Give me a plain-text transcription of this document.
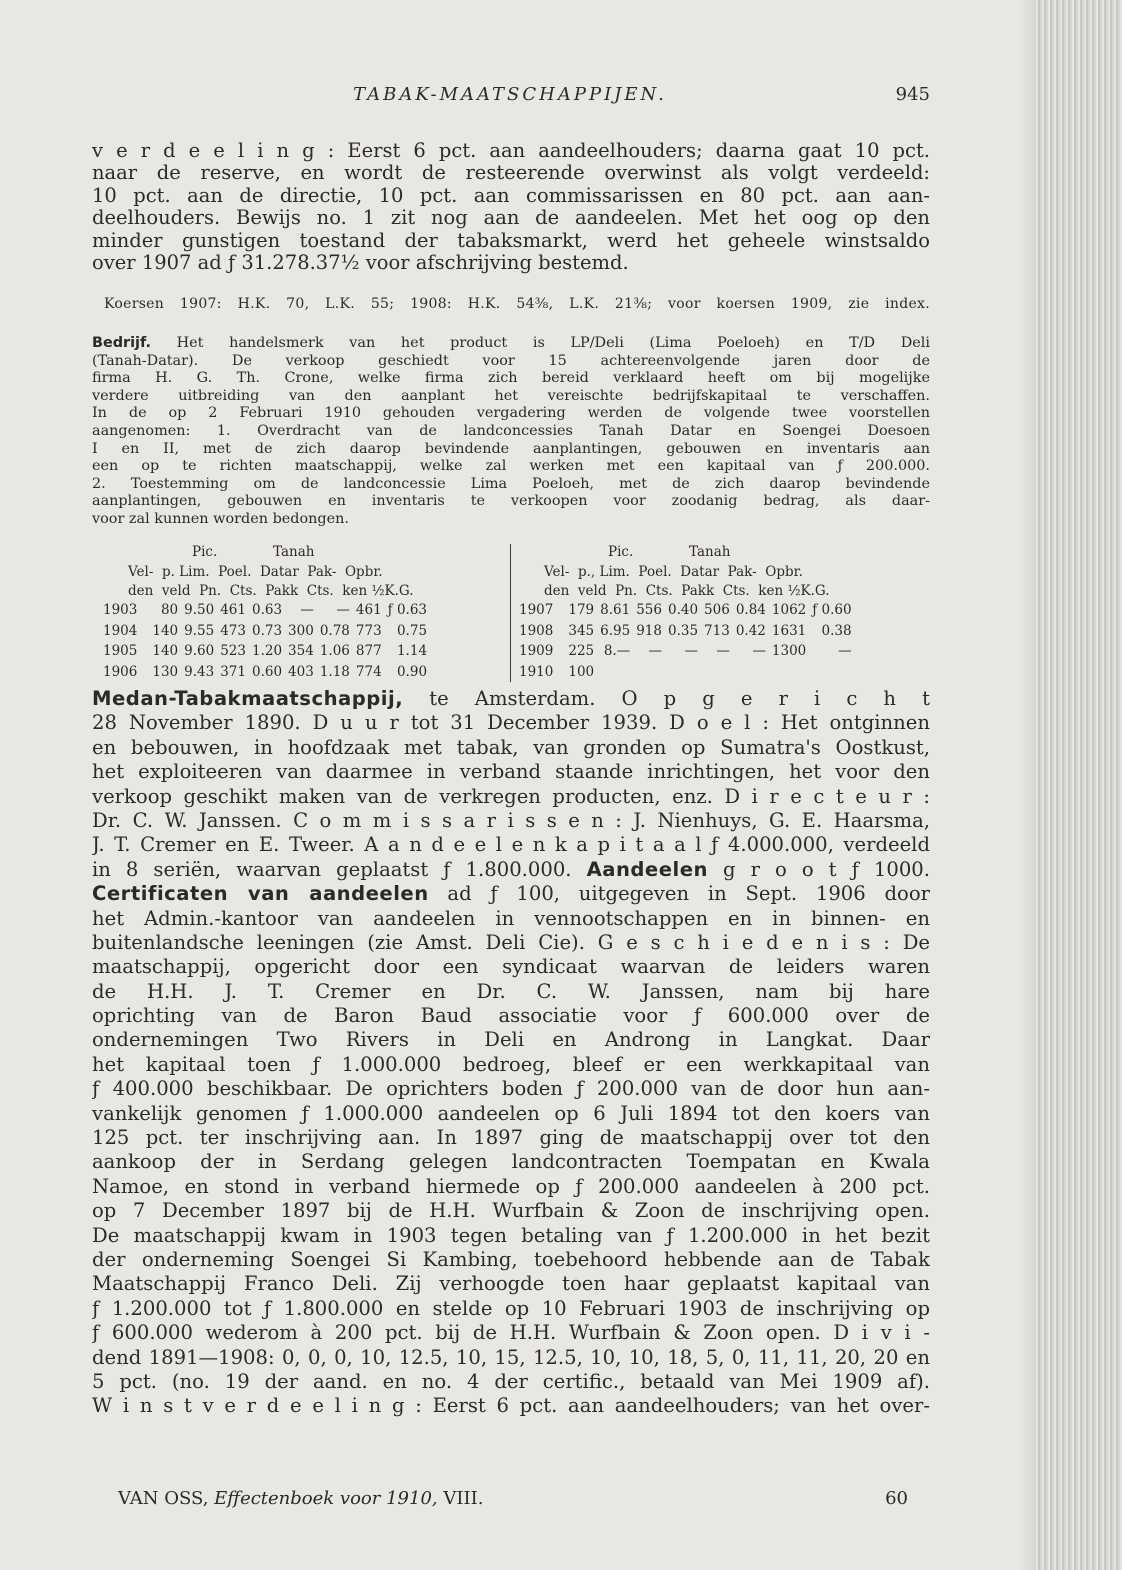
TABAK-MAATSCHAPPIJEN.	945
v e r d e e l i n g : Eerst 6 pct. aan aandeelhouders; daarna gaat 10 pct.
naar de reserve, en wordt de resteerende overwinst als volgt verdeeld:
10 pct. aan de directie, 10 pct. aan commissarissen en 80 pct. aan aan-
deelhouders. Bewijs no. 1 zit nog aan de aandeelen. Met het oog op den
minder gunstigen toestand der tabaksmarkt, werd het geheele winstsaldo
over 1907 ad ƒ 31.278.37½ voor afschrijving bestemd.
Koersen 1907: H.K. 70, L.K. 55; 1908: H.K. 54⅜, L.K. 21⅜; voor koersen 1909, zie index.
Bedrijf. Het handelsmerk van het product is LP/Deli (Lima Poeloeh) en T/D Deli
(Tanah-Datar). De verkoop geschiedt voor 15 achtereenvolgende jaren door de
firma H. G. Th. Crone, welke firma zich bereid verklaard heeft om bij mogelijke
verdere uitbreiding van den aanplant het vereischte bedrijfskapitaal te verschaffen.
In de op 2 Februari 1910 gehouden vergadering werden de volgende twee voorstellen
aangenomen: 1. Overdracht van de landconcessies Tanah Datar en Soengei Doesoen
I en II, met de zich daarop bevindende aanplantingen, gebouwen en inventaris aan
een op te richten maatschappij, welke zal werken met een kapitaal van ƒ 200.000.
2. Toestemming om de landconcessie Lima Poeloeh, met de zich daarop bevindende
aanplantingen, gebouwen en inventaris te verkoopen voor zoodanig bedrag, als daar-
voor zal kunnen worden bedongen.
Pic.             Tanah
Vel-  p. Lim.  Poel.  Datar  Pak-  Opbr.
den  veld  Pn.  Cts.  Pakk  Cts.  ken ½K.G.
1903	80	9.50	461	0.63	—	—	461	ƒ 0.63
1904	140	9.55	473	0.73	300	0.78	773	0.75
1905	140	9.60	523	1.20	354	1.06	877	1.14
1906	130	9.43	371	0.60	403	1.18	774	0.90
Pic.             Tanah
Vel-  p., Lim.  Poel.  Datar  Pak-  Opbr.
den  veld  Pn.  Cts.  Pakk  Cts.  ken ½K.G.
1907	179	8.61	556	0.40	506	0.84	1062	ƒ 0.60
1908	345	6.95	918	0.35	713	0.42	1631	0.38
1909	225	8.—	—	—	—	—	1300	—
1910	100							
Medan-Tabakmaatschappij, te Amsterdam. O p g e r i c h t
28 November 1890. D u u r tot 31 December 1939. D o e l : Het ontginnen
en bebouwen, in hoofdzaak met tabak, van gronden op Sumatra's Oostkust,
het exploiteeren van daarmee in verband staande inrichtingen, het voor den
verkoop geschikt maken van de verkregen producten, enz. D i r e c t e u r :
Dr. C. W. Janssen. C o m m i s s a r i s s e n : J. Nienhuys, G. E. Haarsma,
J. T. Cremer en E. Tweer. A a n d e e l e n k a p i t a a l ƒ 4.000.000, verdeeld
in 8 seriën, waarvan geplaatst ƒ 1.800.000. Aandeelen g r o o t ƒ 1000.
Certificaten van aandeelen ad ƒ 100, uitgegeven in Sept. 1906 door
het Admin.-kantoor van aandeelen in vennootschappen en in binnen- en
buitenlandsche leeningen (zie Amst. Deli Cie). G e s c h i e d e n i s : De
maatschappij, opgericht door een syndicaat waarvan de leiders waren
de H.H. J. T. Cremer en Dr. C. W. Janssen, nam bij hare
oprichting van de Baron Baud associatie voor ƒ 600.000 over de
ondernemingen Two Rivers in Deli en Androng in Langkat. Daar
het kapitaal toen ƒ 1.000.000 bedroeg, bleef er een werkkapitaal van
ƒ 400.000 beschikbaar. De oprichters boden ƒ 200.000 van de door hun aan-
vankelijk genomen ƒ 1.000.000 aandeelen op 6 Juli 1894 tot den koers van
125 pct. ter inschrijving aan. In 1897 ging de maatschappij over tot den
aankoop der in Serdang gelegen landcontracten Toempatan en Kwala
Namoe, en stond in verband hiermede op ƒ 200.000 aandeelen à 200 pct.
op 7 December 1897 bij de H.H. Wurfbain & Zoon de inschrijving open.
De maatschappij kwam in 1903 tegen betaling van ƒ 1.200.000 in het bezit
der onderneming Soengei Si Kambing, toebehoord hebbende aan de Tabak
Maatschappij Franco Deli. Zij verhoogde toen haar geplaatst kapitaal van
ƒ 1.200.000 tot ƒ 1.800.000 en stelde op 10 Februari 1903 de inschrijving op
ƒ 600.000 wederom à 200 pct. bij de H.H. Wurfbain & Zoon open. D i v i -
dend 1891—1908: 0, 0, 0, 10, 12.5, 10, 15, 12.5, 10, 10, 18, 5, 0, 11, 11, 20, 20 en
5 pct. (no. 19 der aand. en no. 4 der certific., betaald van Mei 1909 af).
W i n s t v e r d e e l i n g : Eerst 6 pct. aan aandeelhouders; van het over-
VAN OSS, Effectenboek voor 1910, VIII.	60
